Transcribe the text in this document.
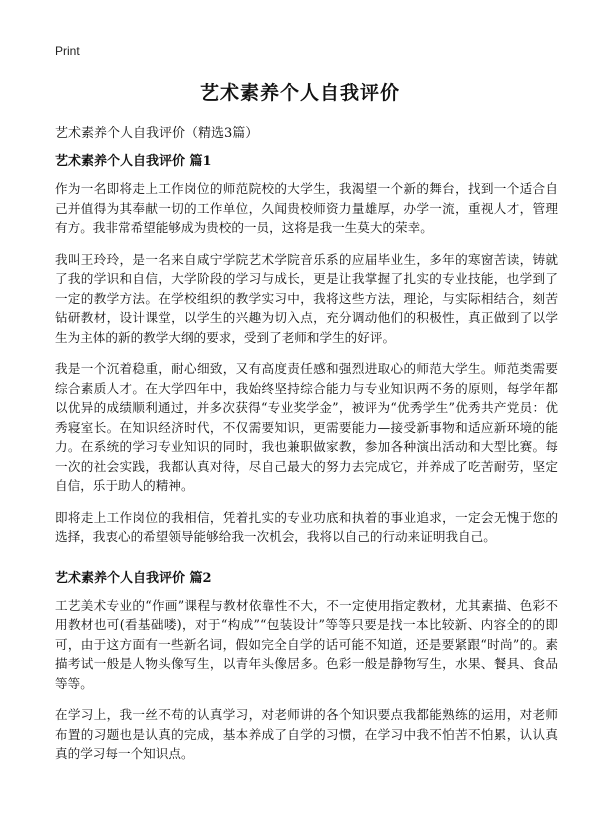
Print
艺术素养个人自我评价
艺术素养个人自我评价（精选3篇）
艺术素养个人自我评价 篇1

作为一名即将走上工作岗位的师范院校的大学生，我渴望一个新的舞台，找到一个适合自己并值得为其奉献一切的工作单位，久闻贵校师资力量雄厚，办学一流，重视人才，管理有方。我非常希望能够成为贵校的一员，这将是我一生莫大的荣幸。

我叫王玲玲，是一名来自咸宁学院艺术学院音乐系的应届毕业生，多年的寒窗苦读，铸就了我的学识和自信，大学阶段的学习与成长，更是让我掌握了扎实的专业技能，也学到了一定的教学方法。在学校组织的教学实习中，我将这些方法，理论，与实际相结合，刻苦钻研教材，设计课堂，以学生的兴趣为切入点，充分调动他们的积极性，真正做到了以学生为主体的新的教学大纲的要求，受到了老师和学生的好评。

我是一个沉着稳重，耐心细致，又有高度责任感和强烈进取心的师范大学生。师范类需要综合素质人才。在大学四年中，我始终坚持综合能力与专业知识两不务的原则，每学年都以优异的成绩顺利通过，并多次获得“专业奖学金”，被评为“优秀学生”优秀共产党员：优秀寝室长。在知识经济时代，不仅需要知识，更需要能力—接受新事物和适应新环境的能力。在系统的学习专业知识的同时，我也兼职做家教，参加各种演出活动和大型比赛。每一次的社会实践，我都认真对待，尽自己最大的努力去完成它，并养成了吃苦耐劳，坚定自信，乐于助人的精神。

即将走上工作岗位的我相信，凭着扎实的专业功底和执着的事业追求，一定会无愧于您的选择，我衷心的希望领导能够给我一次机会，我将以自己的行动来证明我自己。

艺术素养个人自我评价 篇2

工艺美术专业的“作画”课程与教材依靠性不大，不一定使用指定教材，尤其素描、色彩不用教材也可(看基础喽)，对于“构成”“包装设计”等等只要是找一本比较新、内容全的的即可，由于这方面有一些新名词，假如完全自学的话可能不知道，还是要紧跟“时尚”的。素描考试一般是人物头像写生，以青年头像居多。色彩一般是静物写生，水果、餐具、食品等等。

在学习上，我一丝不苟的认真学习，对老师讲的各个知识要点我都能熟练的运用，对老师布置的习题也是认真的完成，基本养成了自学的习惯，在学习中我不怕苦不怕累，认认真真的学习每一个知识点。
